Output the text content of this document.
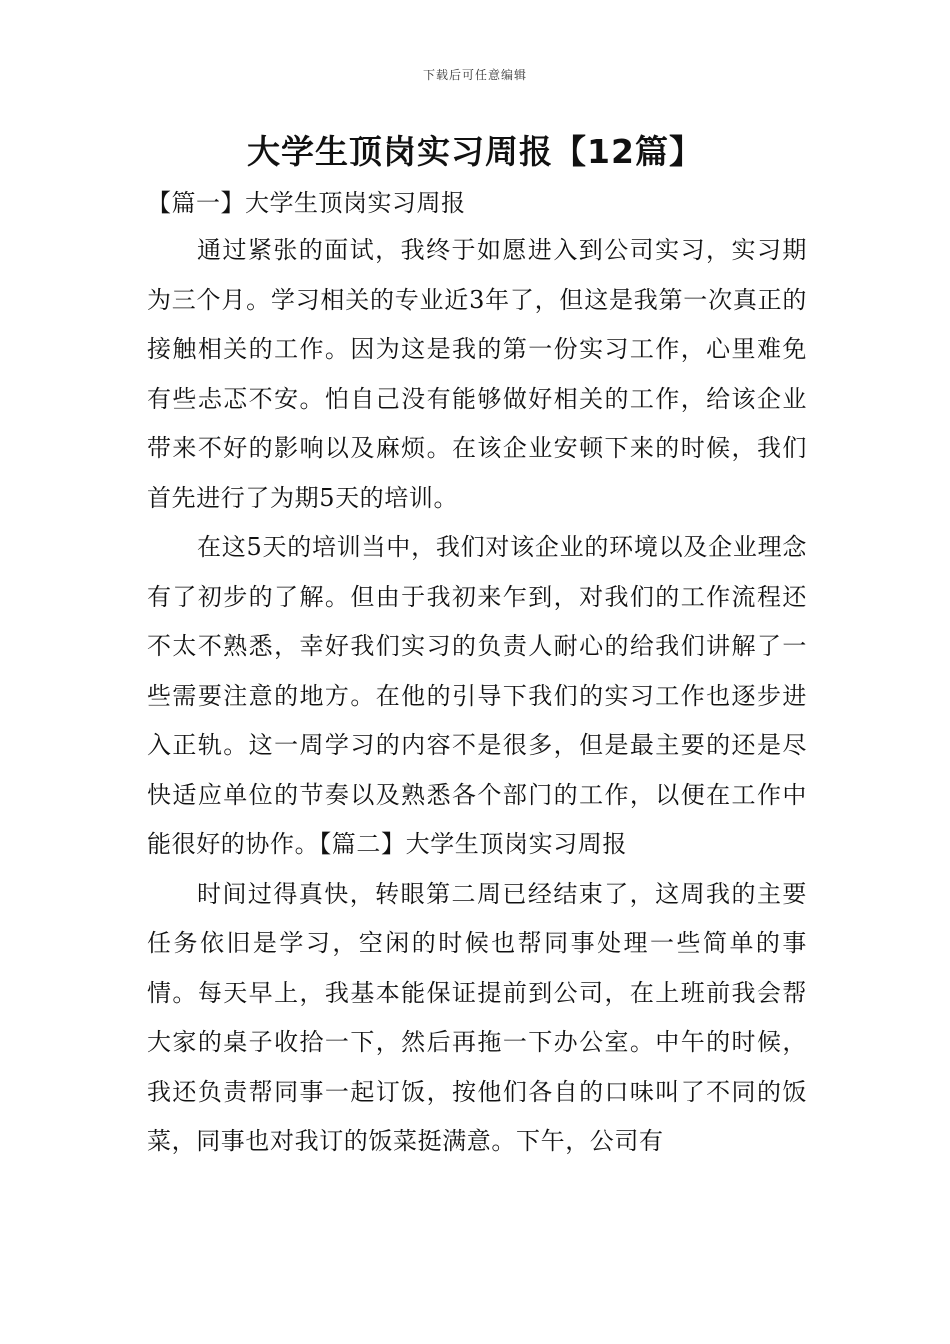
下载后可任意编辑
大学生顶岗实习周报【12篇】
【篇一】大学生顶岗实习周报

通过紧张的面试，我终于如愿进入到公司实习，实习期为三个月。学习相关的专业近3年了，但这是我第一次真正的接触相关的工作。因为这是我的第一份实习工作，心里难免有些忐忑不安。怕自己没有能够做好相关的工作，给该企业带来不好的影响以及麻烦。在该企业安顿下来的时候，我们首先进行了为期5天的培训。

在这5天的培训当中，我们对该企业的环境以及企业理念有了初步的了解。但由于我初来乍到，对我们的工作流程还不太不熟悉，幸好我们实习的负责人耐心的给我们讲解了一些需要注意的地方。在他的引导下我们的实习工作也逐步进入正轨。这一周学习的内容不是很多，但是最主要的还是尽快适应单位的节奏以及熟悉各个部门的工作，以便在工作中能很好的协作。【篇二】大学生顶岗实习周报

时间过得真快，转眼第二周已经结束了，这周我的主要任务依旧是学习，空闲的时候也帮同事处理一些简单的事情。每天早上，我基本能保证提前到公司，在上班前我会帮大家的桌子收拾一下，然后再拖一下办公室。中午的时候，我还负责帮同事一起订饭，按他们各自的口味叫了不同的饭菜，同事也对我订的饭菜挺满意。下午，公司有
